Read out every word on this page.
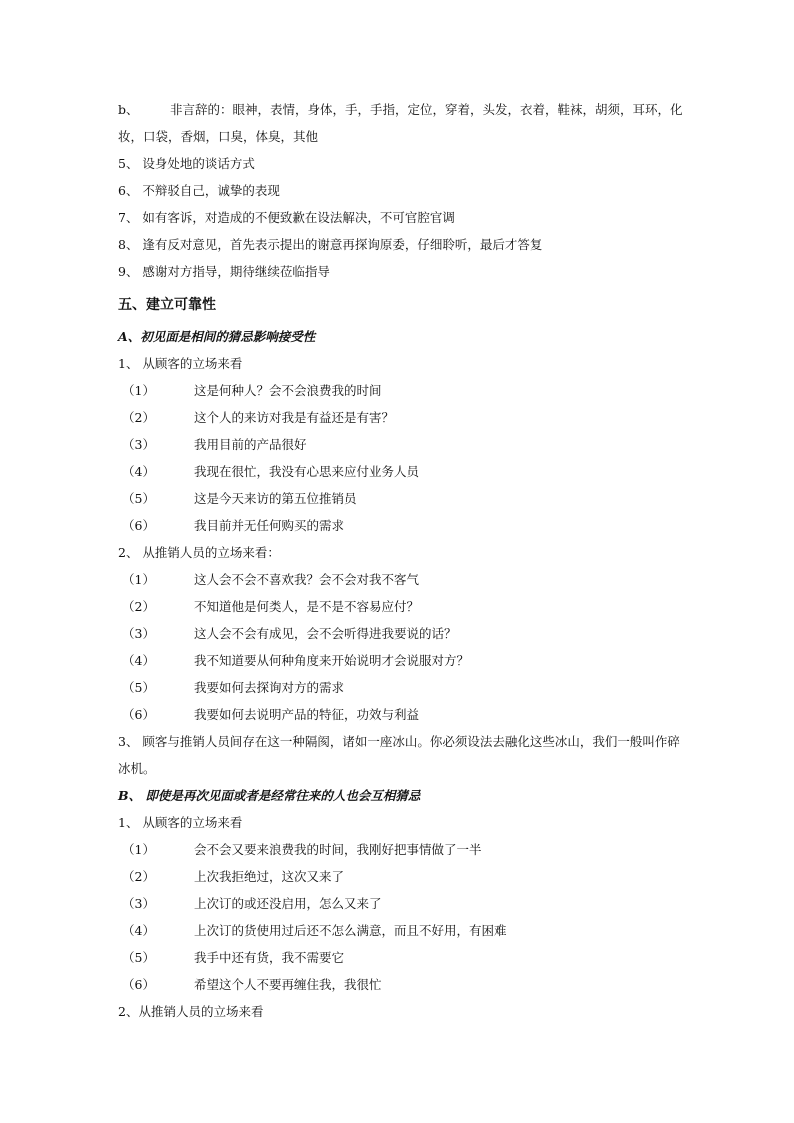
b、	非言辞的：眼神，表情，身体，手，手指，定位，穿着，头发，衣着，鞋袜，胡须，耳环，化妆，口袋，香烟，口臭，体臭，其他
5、 设身处地的谈话方式
6、 不辩驳自己，诚挚的表现
7、 如有客诉，对造成的不便致歉在设法解决，不可官腔官调
8、 逢有反对意见，首先表示提出的谢意再探询原委，仔细聆听，最后才答复
9、 感谢对方指导，期待继续莅临指导
五、建立可靠性
A、初见面是相间的猜忌影响接受性
1、 从顾客的立场来看
（1）	这是何种人？会不会浪费我的时间
（2）	这个人的来访对我是有益还是有害？
（3）	我用目前的产品很好
（4）	我现在很忙，我没有心思来应付业务人员
（5）	这是今天来访的第五位推销员
（6）	我目前并无任何购买的需求
2、 从推销人员的立场来看：
（1）	这人会不会不喜欢我？会不会对我不客气
（2）	不知道他是何类人，是不是不容易应付？
（3）	这人会不会有成见，会不会听得进我要说的话？
（4）	我不知道要从何种角度来开始说明才会说服对方？
（5）	我要如何去探询对方的需求
（6）	我要如何去说明产品的特征，功效与利益
3、 顾客与推销人员间存在这一种隔阂，诸如一座冰山。你必须设法去融化这些冰山，我们一般叫作碎冰机。
B、 即使是再次见面或者是经常往来的人也会互相猜忌
1、 从顾客的立场来看
（1）	会不会又要来浪费我的时间，我刚好把事情做了一半
（2）	上次我拒绝过，这次又来了
（3）	上次订的或还没启用，怎么又来了
（4）	上次订的货使用过后还不怎么满意，而且不好用，有困难
（5）	我手中还有货，我不需要它
（6）	希望这个人不要再缠住我，我很忙
2、从推销人员的立场来看
